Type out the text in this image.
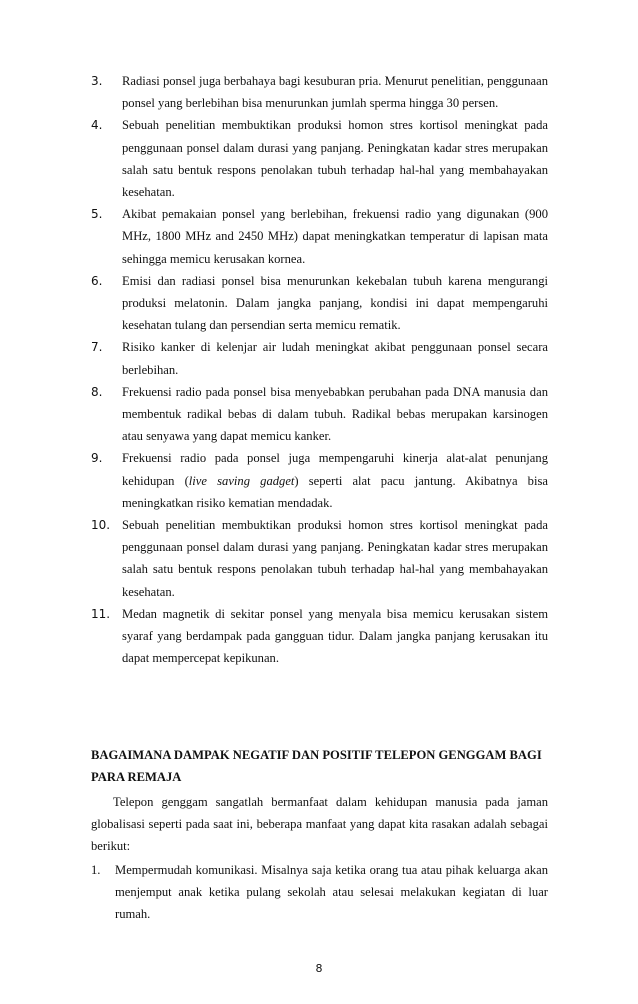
3. Radiasi ponsel juga berbahaya bagi kesuburan pria. Menurut penelitian, penggunaan ponsel yang berlebihan bisa menurunkan jumlah sperma hingga 30 persen.
4. Sebuah penelitian membuktikan produksi homon stres kortisol meningkat pada penggunaan ponsel dalam durasi yang panjang. Peningkatan kadar stres merupakan salah satu bentuk respons penolakan tubuh terhadap hal-hal yang membahayakan kesehatan.
5. Akibat pemakaian ponsel yang berlebihan, frekuensi radio yang digunakan (900 MHz, 1800 MHz and 2450 MHz) dapat meningkatkan temperatur di lapisan mata sehingga memicu kerusakan kornea.
6. Emisi dan radiasi ponsel bisa menurunkan kekebalan tubuh karena mengurangi produksi melatonin. Dalam jangka panjang, kondisi ini dapat mempengaruhi kesehatan tulang dan persendian serta memicu rematik.
7. Risiko kanker di kelenjar air ludah meningkat akibat penggunaan ponsel secara berlebihan.
8. Frekuensi radio pada ponsel bisa menyebabkan perubahan pada DNA manusia dan membentuk radikal bebas di dalam tubuh. Radikal bebas merupakan karsinogen atau senyawa yang dapat memicu kanker.
9. Frekuensi radio pada ponsel juga mempengaruhi kinerja alat-alat penunjang kehidupan (live saving gadget) seperti alat pacu jantung. Akibatnya bisa meningkatkan risiko kematian mendadak.
10. Sebuah penelitian membuktikan produksi homon stres kortisol meningkat pada penggunaan ponsel dalam durasi yang panjang. Peningkatan kadar stres merupakan salah satu bentuk respons penolakan tubuh terhadap hal-hal yang membahayakan kesehatan.
11. Medan magnetik di sekitar ponsel yang menyala bisa memicu kerusakan sistem syaraf yang berdampak pada gangguan tidur. Dalam jangka panjang kerusakan itu dapat mempercepat kepikunan.
BAGAIMANA DAMPAK NEGATIF DAN POSITIF TELEPON GENGGAM BAGI PARA REMAJA

Telepon genggam sangatlah bermanfaat dalam kehidupan manusia pada jaman globalisasi seperti pada saat ini, beberapa manfaat yang dapat kita rasakan adalah sebagai berikut:

1. Mempermudah komunikasi. Misalnya saja ketika orang tua atau pihak keluarga akan menjemput anak ketika pulang sekolah atau selesai melakukan kegiatan di luar rumah.
8
